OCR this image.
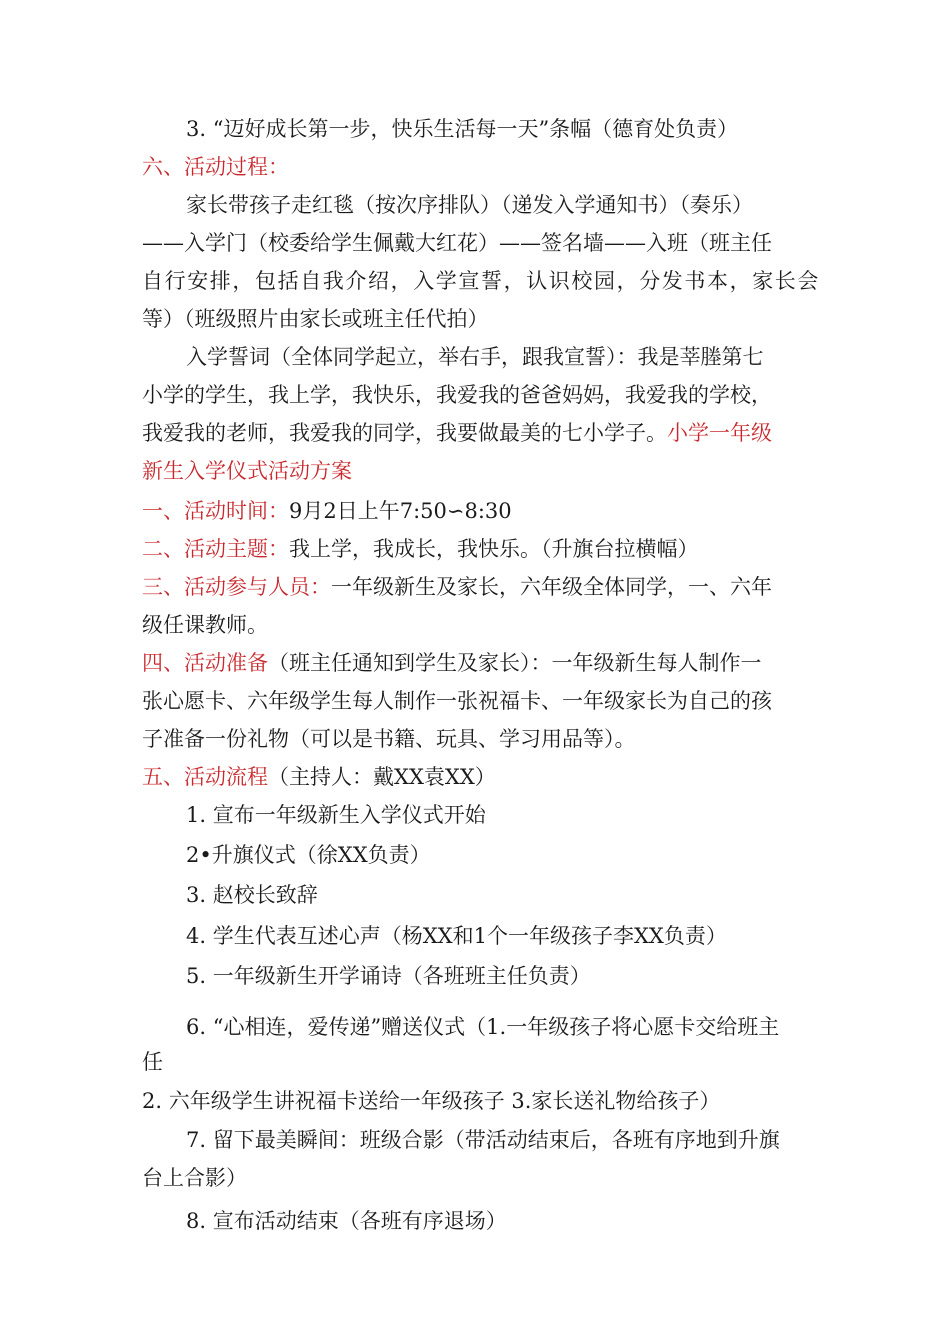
3. “迈好成长第一步，快乐生活每一天”条幅（德育处负责）
六、活动过程：
家长带孩子走红毯（按次序排队）（递发入学通知书）（奏乐）
——入学门（校委给学生佩戴大红花）——签名墙——入班（班主任
自行安排，包括自我介绍，入学宣誓，认识校园，分发书本，家长会
等）（班级照片由家长或班主任代拍）
入学誓词（全体同学起立，举右手，跟我宣誓）：我是莘塍第七
小学的学生，我上学，我快乐，我爱我的爸爸妈妈，我爱我的学校，
我爱我的老师，我爱我的同学，我要做最美的七小学子。小学一年级
新生入学仪式活动方案
一、活动时间：9月2日上午7:50∽8:30
二、活动主题：我上学，我成长，我快乐。（升旗台拉横幅）
三、活动参与人员：一年级新生及家长，六年级全体同学，一、六年
级任课教师。
四、活动准备（班主任通知到学生及家长）：一年级新生每人制作一
张心愿卡、六年级学生每人制作一张祝福卡、一年级家长为自己的孩
子准备一份礼物（可以是书籍、玩具、学习用品等）。
五、活动流程（主持人：戴XX袁XX）
1. 宣布一年级新生入学仪式开始
2•升旗仪式（徐XX负责）
3. 赵校长致辞
4. 学生代表互述心声（杨XX和1个一年级孩子李XX负责）
5. 一年级新生开学诵诗（各班班主任负责）
6. “心相连，爱传递”赠送仪式（1.一年级孩子将心愿卡交给班主
任
2. 六年级学生讲祝福卡送给一年级孩子 3.家长送礼物给孩子）
7. 留下最美瞬间：班级合影（带活动结束后，各班有序地到升旗
台上合影）
8. 宣布活动结束（各班有序退场）
